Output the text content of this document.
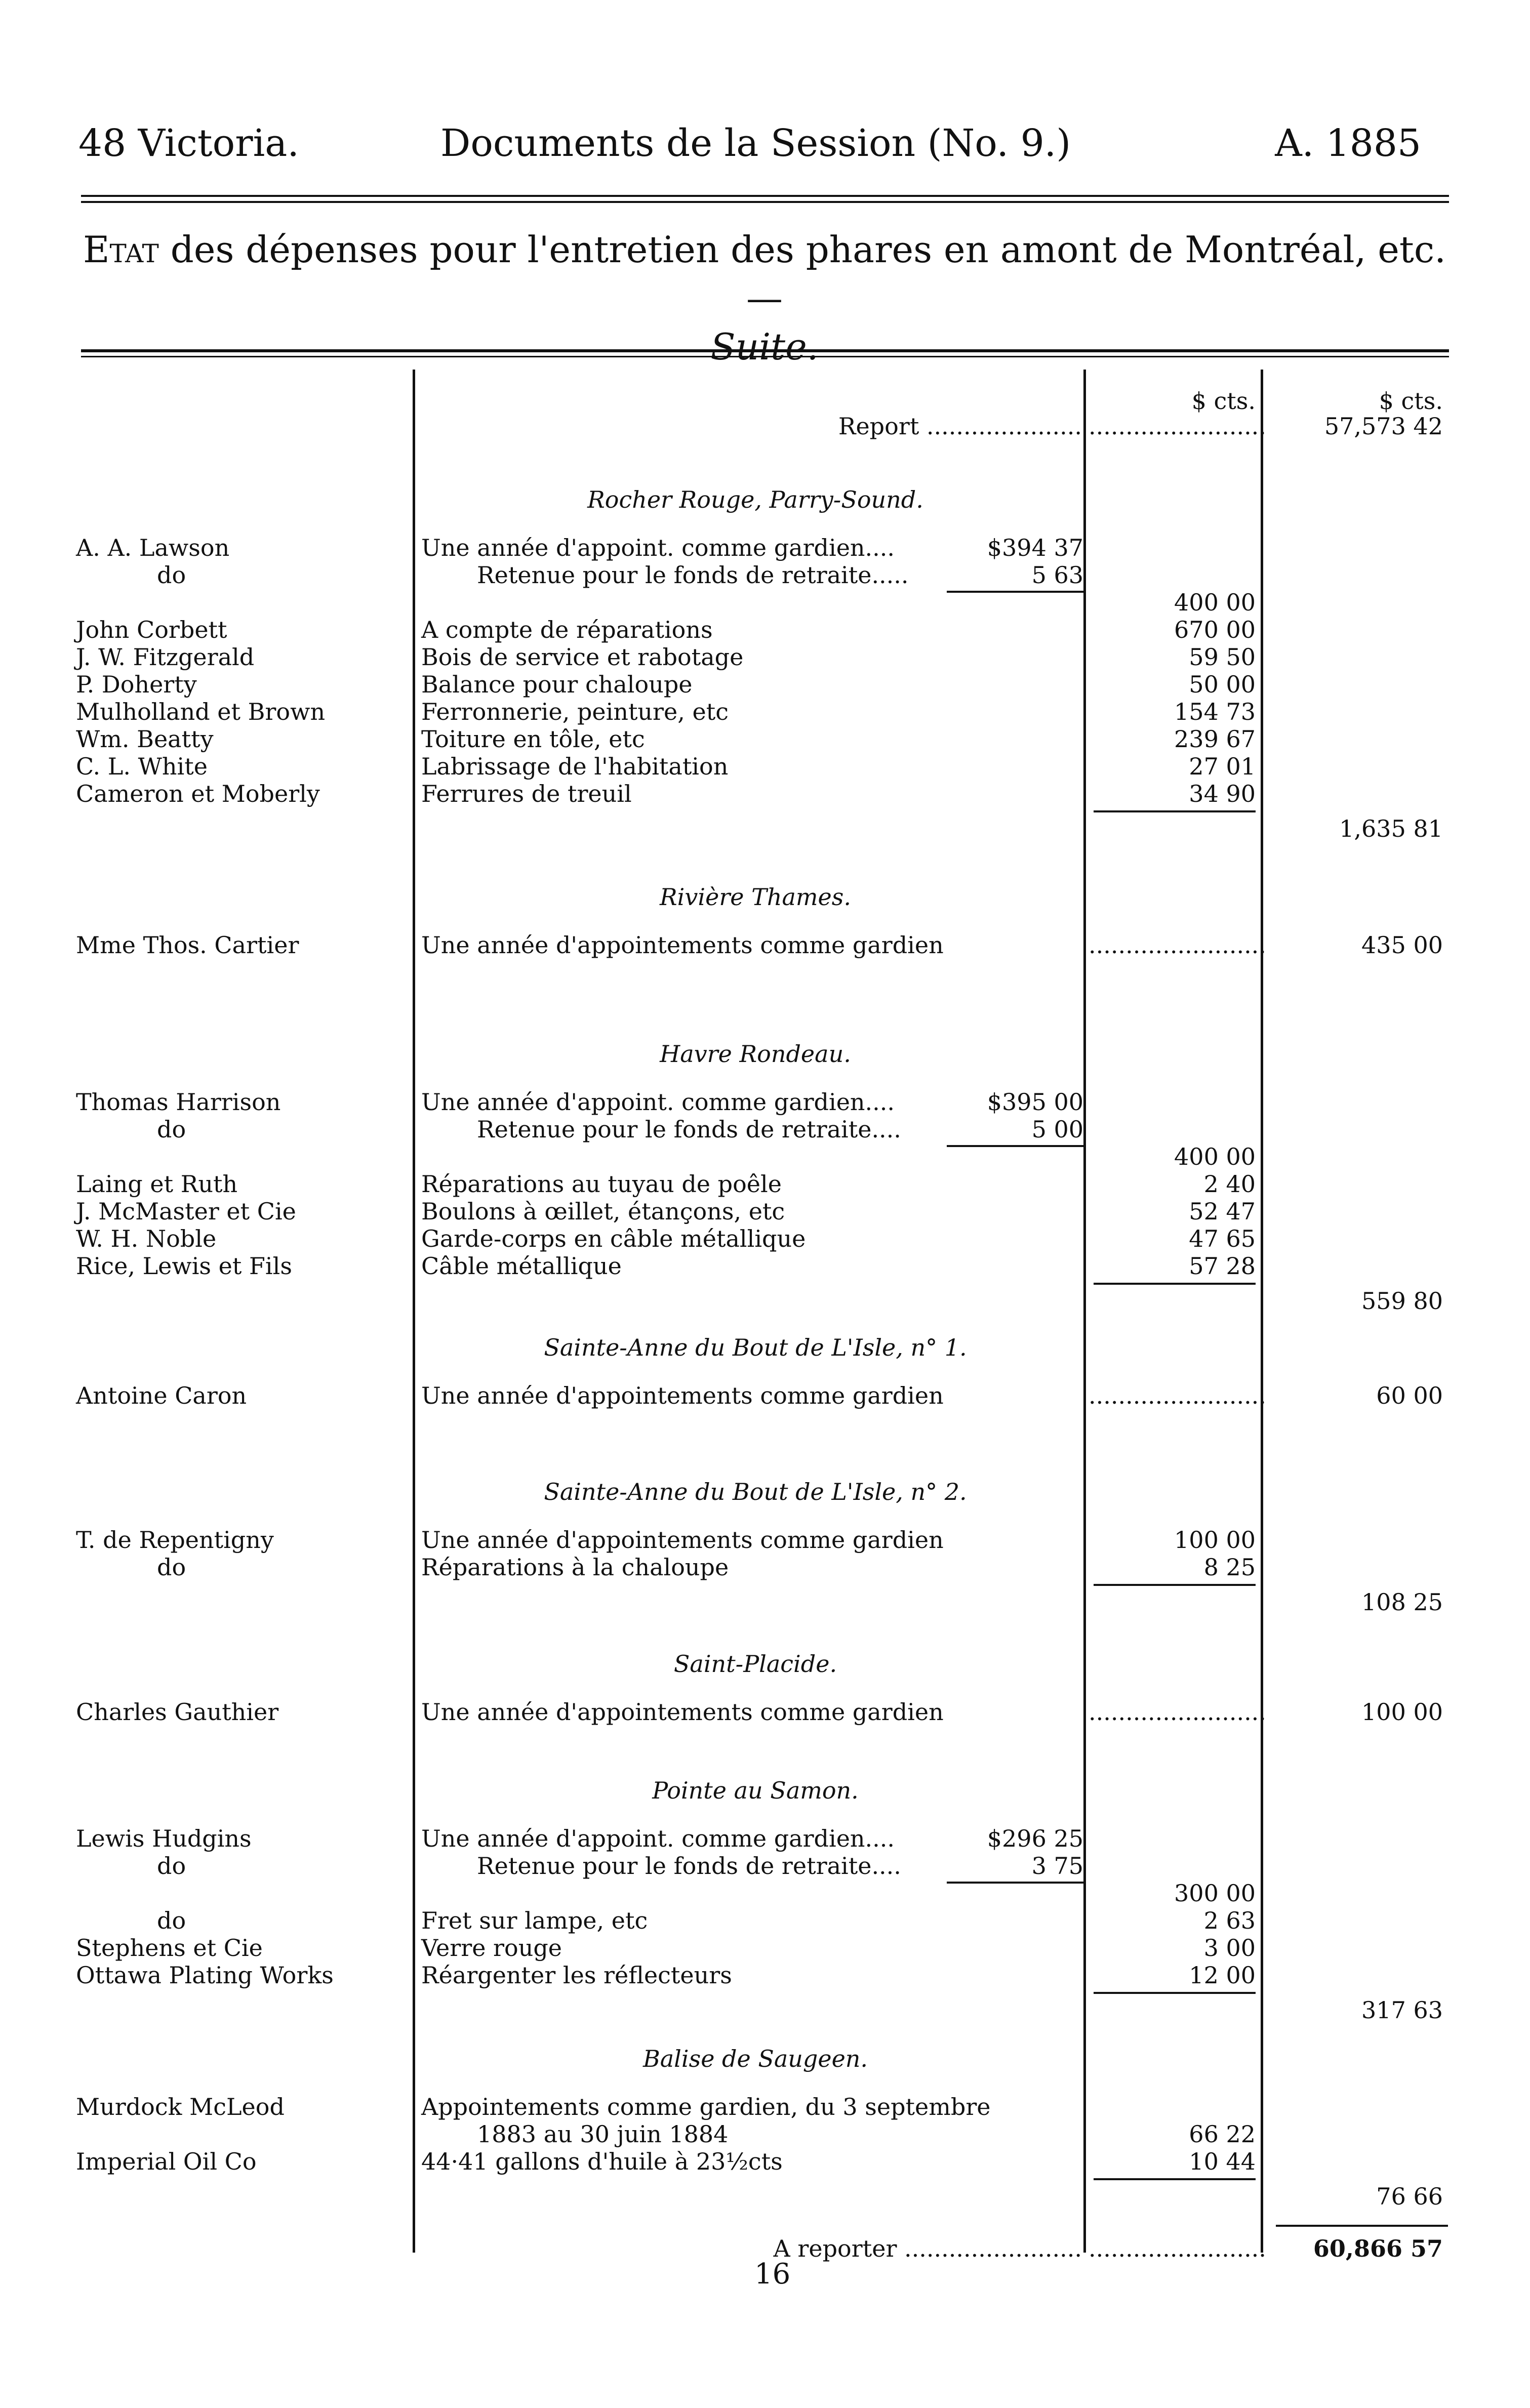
48 Victoria.	Documents de la Session (No. 9.)	A. 1885
Etat des dépenses pour l'entretien des phares en amont de Montréal, etc.—
Suite.
$ cts.	$ cts.
Report ..................... ........................	57,573 42
Rocher Rouge, Parry-Sound.
A. A. Lawson	Une année d'appoint. comme gardien....	$394 37
do	Retenue pour le fonds de retraite.....	5 63
400 00
John Corbett	A compte de réparations	670 00
J. W. Fitzgerald	Bois de service et rabotage	59 50
P. Doherty	Balance pour chaloupe	50 00
Mulholland et Brown	Ferronnerie, peinture, etc	154 73
Wm. Beatty	Toiture en tôle, etc	239 67
C. L. White	Labrissage de l'habitation	27 01
Cameron et Moberly	Ferrures de treuil	34 90
1,635 81
Rivière Thames.
Mme Thos. Cartier	Une année d'appointements comme gardien	........................	435 00
Havre Rondeau.
Thomas Harrison	Une année d'appoint. comme gardien....	$395 00
do	Retenue pour le fonds de retraite....	5 00
400 00
Laing et Ruth	Réparations au tuyau de poêle	2 40
J. McMaster et Cie	Boulons à œillet, étançons, etc	52 47
W. H. Noble	Garde-corps en câble métallique	47 65
Rice, Lewis et Fils	Câble métallique	57 28
559 80
Sainte-Anne du Bout de L'Isle, n° 1.
Antoine Caron	Une année d'appointements comme gardien	........................	60 00
Sainte-Anne du Bout de L'Isle, n° 2.
T. de Repentigny	Une année d'appointements comme gardien	100 00
do	Réparations à la chaloupe	8 25
108 25
Saint-Placide.
Charles Gauthier	Une année d'appointements comme gardien	........................	100 00
Pointe au Samon.
Lewis Hudgins	Une année d'appoint. comme gardien....	$296 25
do	Retenue pour le fonds de retraite....	3 75
300 00
do	Fret sur lampe, etc	2 63
Stephens et Cie	Verre rouge	3 00
Ottawa Plating Works	Réargenter les réflecteurs	12 00
317 63
Balise de Saugeen.
Murdock McLeod	Appointements comme gardien, du 3 septembre
1883 au 30 juin 1884	66 22
Imperial Oil Co	44·41 gallons d'huile à 23½cts	10 44
76 66
A reporter ........................ ........................	60,866 57
16
